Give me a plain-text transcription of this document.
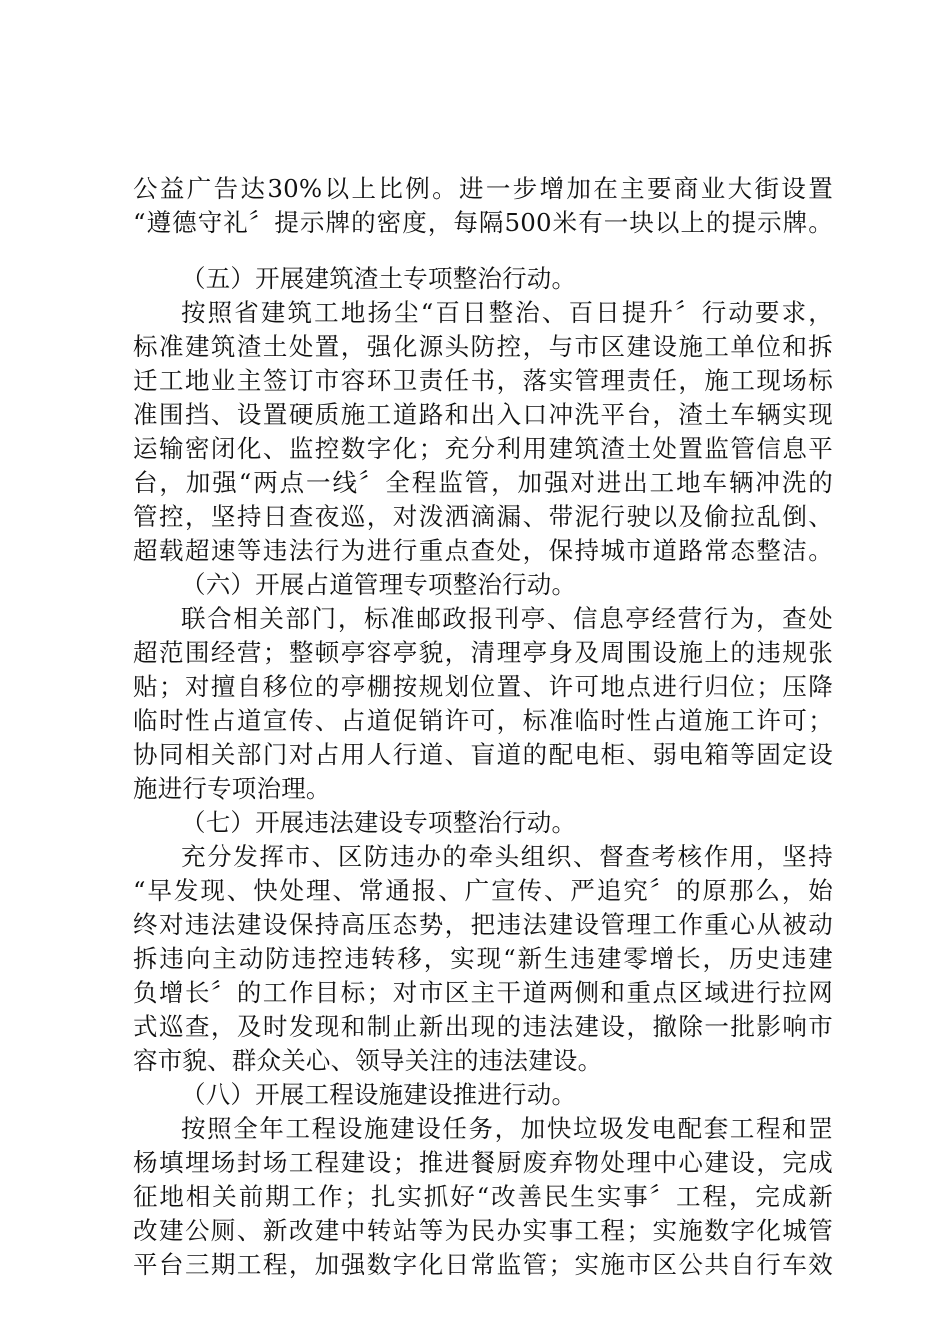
公益广告达30%以上比例。进一步增加在主要商业大街设置
“遵德守礼〞提示牌的密度，每隔500米有一块以上的提示牌。
（五）开展建筑渣土专项整治行动。
按照省建筑工地扬尘“百日整治、百日提升〞行动要求，
标准建筑渣土处置，强化源头防控，与市区建设施工单位和拆
迁工地业主签订市容环卫责任书，落实管理责任，施工现场标
准围挡、设置硬质施工道路和出入口冲洗平台，渣土车辆实现
运输密闭化、监控数字化；充分利用建筑渣土处置监管信息平
台，加强“两点一线〞全程监管，加强对进出工地车辆冲洗的
管控，坚持日查夜巡，对泼洒滴漏、带泥行驶以及偷拉乱倒、
超载超速等违法行为进行重点查处，保持城市道路常态整洁。
（六）开展占道管理专项整治行动。
联合相关部门，标准邮政报刊亭、信息亭经营行为，查处
超范围经营；整顿亭容亭貌，清理亭身及周围设施上的违规张
贴；对擅自移位的亭棚按规划位置、许可地点进行归位；压降
临时性占道宣传、占道促销许可，标准临时性占道施工许可；
协同相关部门对占用人行道、盲道的配电柜、弱电箱等固定设
施进行专项治理。
（七）开展违法建设专项整治行动。
充分发挥市、区防违办的牵头组织、督查考核作用，坚持
“早发现、快处理、常通报、广宣传、严追究〞的原那么，始
终对违法建设保持高压态势，把违法建设管理工作重心从被动
拆违向主动防违控违转移，实现“新生违建零增长，历史违建
负增长〞的工作目标；对市区主干道两侧和重点区域进行拉网
式巡查，及时发现和制止新出现的违法建设，撤除一批影响市
容市貌、群众关心、领导关注的违法建设。
（八）开展工程设施建设推进行动。
按照全年工程设施建设任务，加快垃圾发电配套工程和罡
杨填埋场封场工程建设；推进餐厨废弃物处理中心建设，完成
征地相关前期工作；扎实抓好“改善民生实事〞工程，完成新
改建公厕、新改建中转站等为民办实事工程；实施数字化城管
平台三期工程，加强数字化日常监管；实施市区公共自行车效
